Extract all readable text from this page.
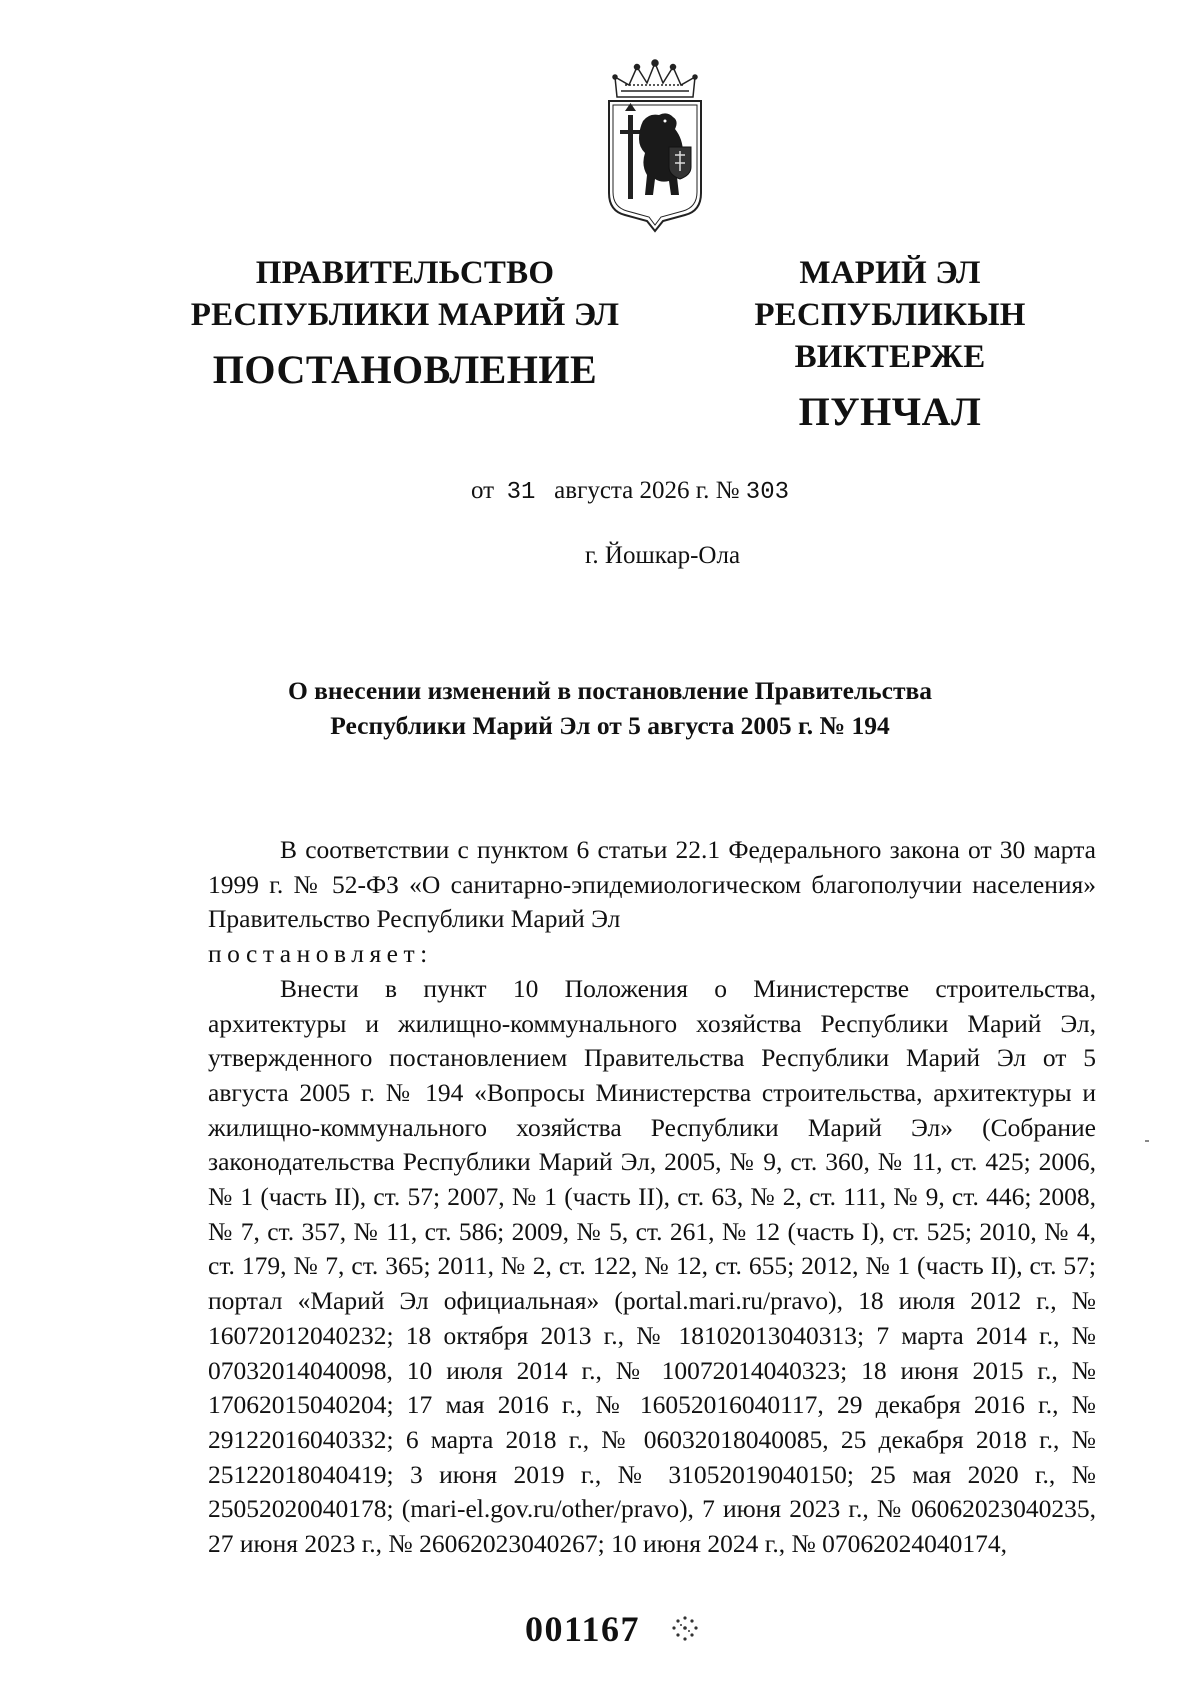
ПРАВИТЕЛЬСТВО
РЕСПУБЛИКИ МАРИЙ ЭЛ
ПОСТАНОВЛЕНИЕ
МАРИЙ ЭЛ РЕСПУБЛИКЫН
ВИКТЕРЖЕ
ПУНЧАЛ
от 31 августа 2026 г. № 303
г. Йошкар-Ола
О внесении изменений в постановление Правительства
Республики Марий Эл от 5 августа 2005 г. № 194

В соответствии с пунктом 6 статьи 22.1 Федерального закона от 30 марта 1999 г. № 52-ФЗ «О санитарно-эпидемиологическом благополучии населения» Правительство Республики Марий Эл

постановляет:

Внести в пункт 10 Положения о Министерстве строительства, архитектуры и жилищно-коммунального хозяйства Республики Марий Эл, утвержденного постановлением Правительства Республики Марий Эл от 5 августа 2005 г. № 194 «Вопросы Министерства строительства, архитектуры и жилищно-коммунального хозяйства Республики Марий Эл» (Собрание законодательства Республики Марий Эл, 2005, № 9, ст. 360, № 11, ст. 425; 2006, № 1 (часть II), ст. 57; 2007, № 1 (часть II), ст. 63, № 2, ст. 111, № 9, ст. 446; 2008, № 7, ст. 357, № 11, ст. 586; 2009, № 5, ст. 261, № 12 (часть I), ст. 525; 2010, № 4, ст. 179, № 7, ст. 365; 2011, № 2, ст. 122, № 12, ст. 655; 2012, № 1 (часть II), ст. 57; портал «Марий Эл официальная» (portal.mari.ru/pravo), 18 июля 2012 г., № 16072012040232; 18 октября 2013 г., № 18102013040313; 7 марта 2014 г., № 07032014040098, 10 июля 2014 г., № 10072014040323; 18 июня 2015 г., № 17062015040204; 17 мая 2016 г., № 16052016040117, 29 декабря 2016 г., № 29122016040332; 6 марта 2018 г., № 06032018040085, 25 декабря 2018 г., № 25122018040419; 3 июня 2019 г., № 31052019040150; 25 мая 2020 г., № 25052020040178; (mari-el.gov.ru/other/pravo), 7 июня 2023 г., № 06062023040235, 27 июня 2023 г., № 26062023040267; 10 июня 2024 г., № 07062024040174,

001167
